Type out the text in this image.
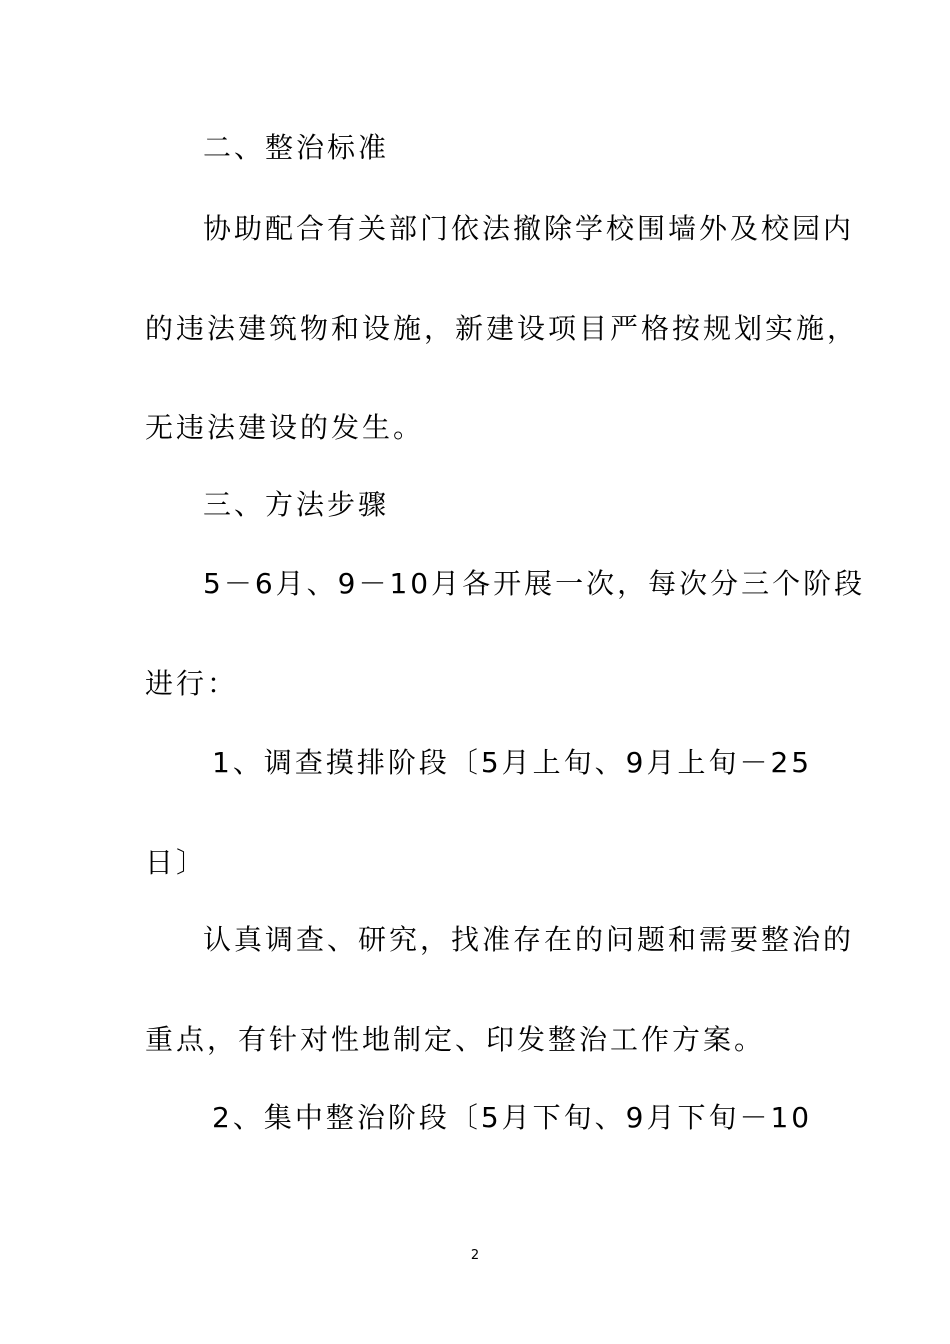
二、整治标准
协助配合有关部门依法撤除学校围墙外及校园内
的违法建筑物和设施，新建设项目严格按规划实施，
无违法建设的发生。
三、方法步骤
5－6月、9－10月各开展一次，每次分三个阶段
进行：
1、调查摸排阶段〔5月上旬、9月上旬－25
日〕
认真调查、研究，找准存在的问题和需要整治的
重点，有针对性地制定、印发整治工作方案。
2、集中整治阶段〔5月下旬、9月下旬－10
2
